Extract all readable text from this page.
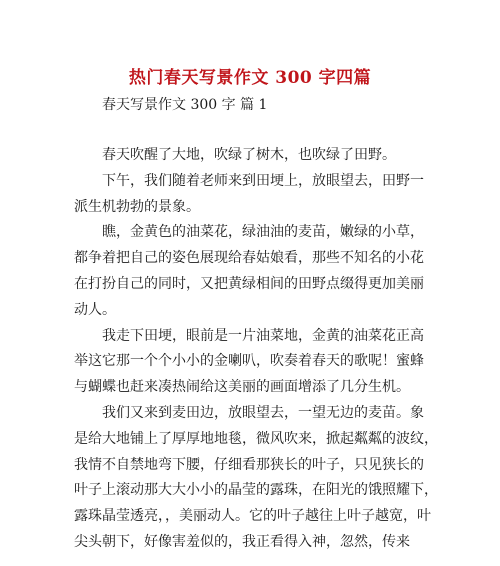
热门春天写景作文 300 字四篇
春天写景作文 300 字 篇 1
春天吹醒了大地，吹绿了树木，也吹绿了田野。
下午，我们随着老师来到田埂上，放眼望去，田野一
派生机勃勃的景象。
瞧，金黄色的油菜花，绿油油的麦苗，嫩绿的小草，
都争着把自己的姿色展现给春姑娘看，那些不知名的小花
在打扮自己的同时，又把黄绿相间的田野点缀得更加美丽
动人。
我走下田埂，眼前是一片油菜地，金黄的油菜花正高
举这它那一个个小小的金喇叭，吹奏着春天的歌呢！蜜蜂
与蝴蝶也赶来凑热闹给这美丽的画面增添了几分生机。
我们又来到麦田边，放眼望去，一望无边的麦苗。象
是给大地铺上了厚厚地地毯，微风吹来，掀起粼粼的波纹，
我情不自禁地弯下腰，仔细看那狭长的叶子，只见狭长的
叶子上滚动那大大小小的晶莹的露珠，在阳光的饿照耀下，
露珠晶莹透亮，，美丽动人。它的叶子越往上叶子越宽，叶
尖头朝下，好像害羞似的，我正看得入神，忽然，传来
